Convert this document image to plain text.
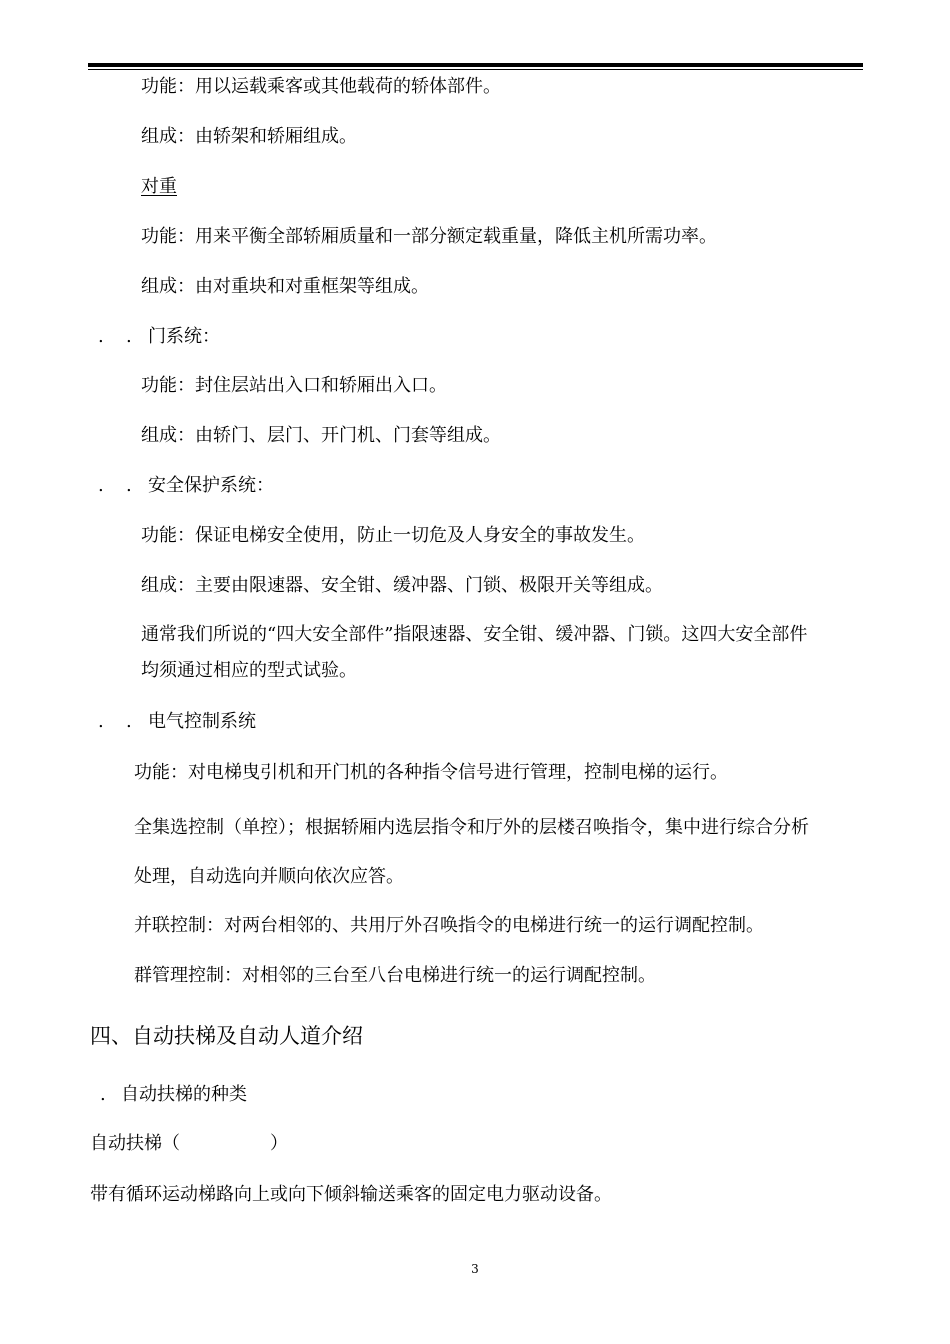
功能：用以运载乘客或其他载荷的轿体部件。
组成：由轿架和轿厢组成。
对重
功能：用来平衡全部轿厢质量和一部分额定载重量，降低主机所需功率。
组成：由对重块和对重框架等组成。
. . 门系统：
功能：封住层站出入口和轿厢出入口。
组成：由轿门、层门、开门机、门套等组成。
. . 安全保护系统：
功能：保证电梯安全使用，防止一切危及人身安全的事故发生。
组成：主要由限速器、安全钳、缓冲器、门锁、极限开关等组成。
通常我们所说的“四大安全部件”指限速器、安全钳、缓冲器、门锁。这四大安全部件
均须通过相应的型式试验。
. . 电气控制系统
功能：对电梯曳引机和开门机的各种指令信号进行管理，控制电梯的运行。
全集选控制（单控）；根据轿厢内选层指令和厅外的层楼召唤指令，集中进行综合分析
处理，自动选向并顺向依次应答。
并联控制：对两台相邻的、共用厅外召唤指令的电梯进行统一的运行调配控制。
群管理控制：对相邻的三台至八台电梯进行统一的运行调配控制。
四、自动扶梯及自动人道介绍
. 自动扶梯的种类
自动扶梯（　　　　　）
带有循环运动梯路向上或向下倾斜输送乘客的固定电力驱动设备。
3
